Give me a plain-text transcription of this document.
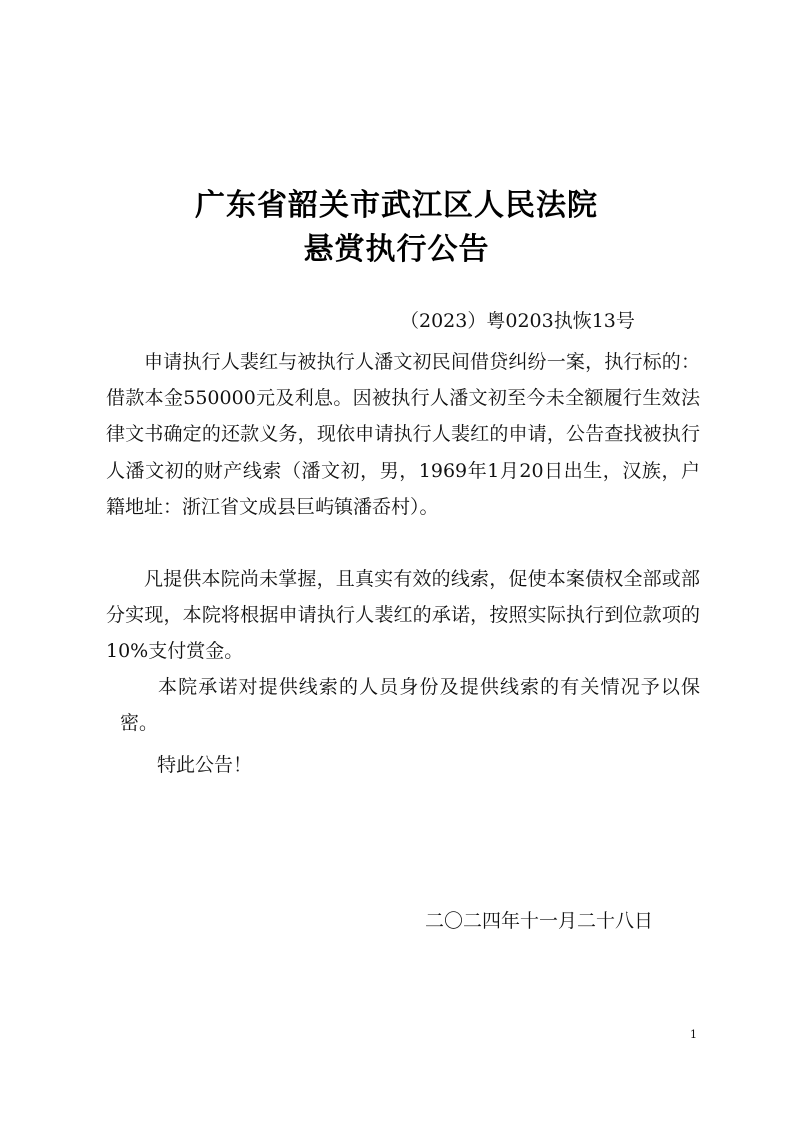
广东省韶关市武江区人民法院
悬赏执行公告
（2023）粤0203执恢13号
申请执行人裴红与被执行人潘文初民间借贷纠纷一案，执行标的：借款本金550000元及利息。因被执行人潘文初至今未全额履行生效法律文书确定的还款义务，现依申请执行人裴红的申请，公告查找被执行人潘文初的财产线索（潘文初，男，1969年1月20日出生，汉族，户籍地址：浙江省文成县巨屿镇潘岙村）。
凡提供本院尚未掌握，且真实有效的线索，促使本案债权全部或部分实现，本院将根据申请执行人裴红的承诺，按照实际执行到位款项的10%支付赏金。
本院承诺对提供线索的人员身份及提供线索的有关情况予以保密。
特此公告！
二〇二四年十一月二十八日
1
